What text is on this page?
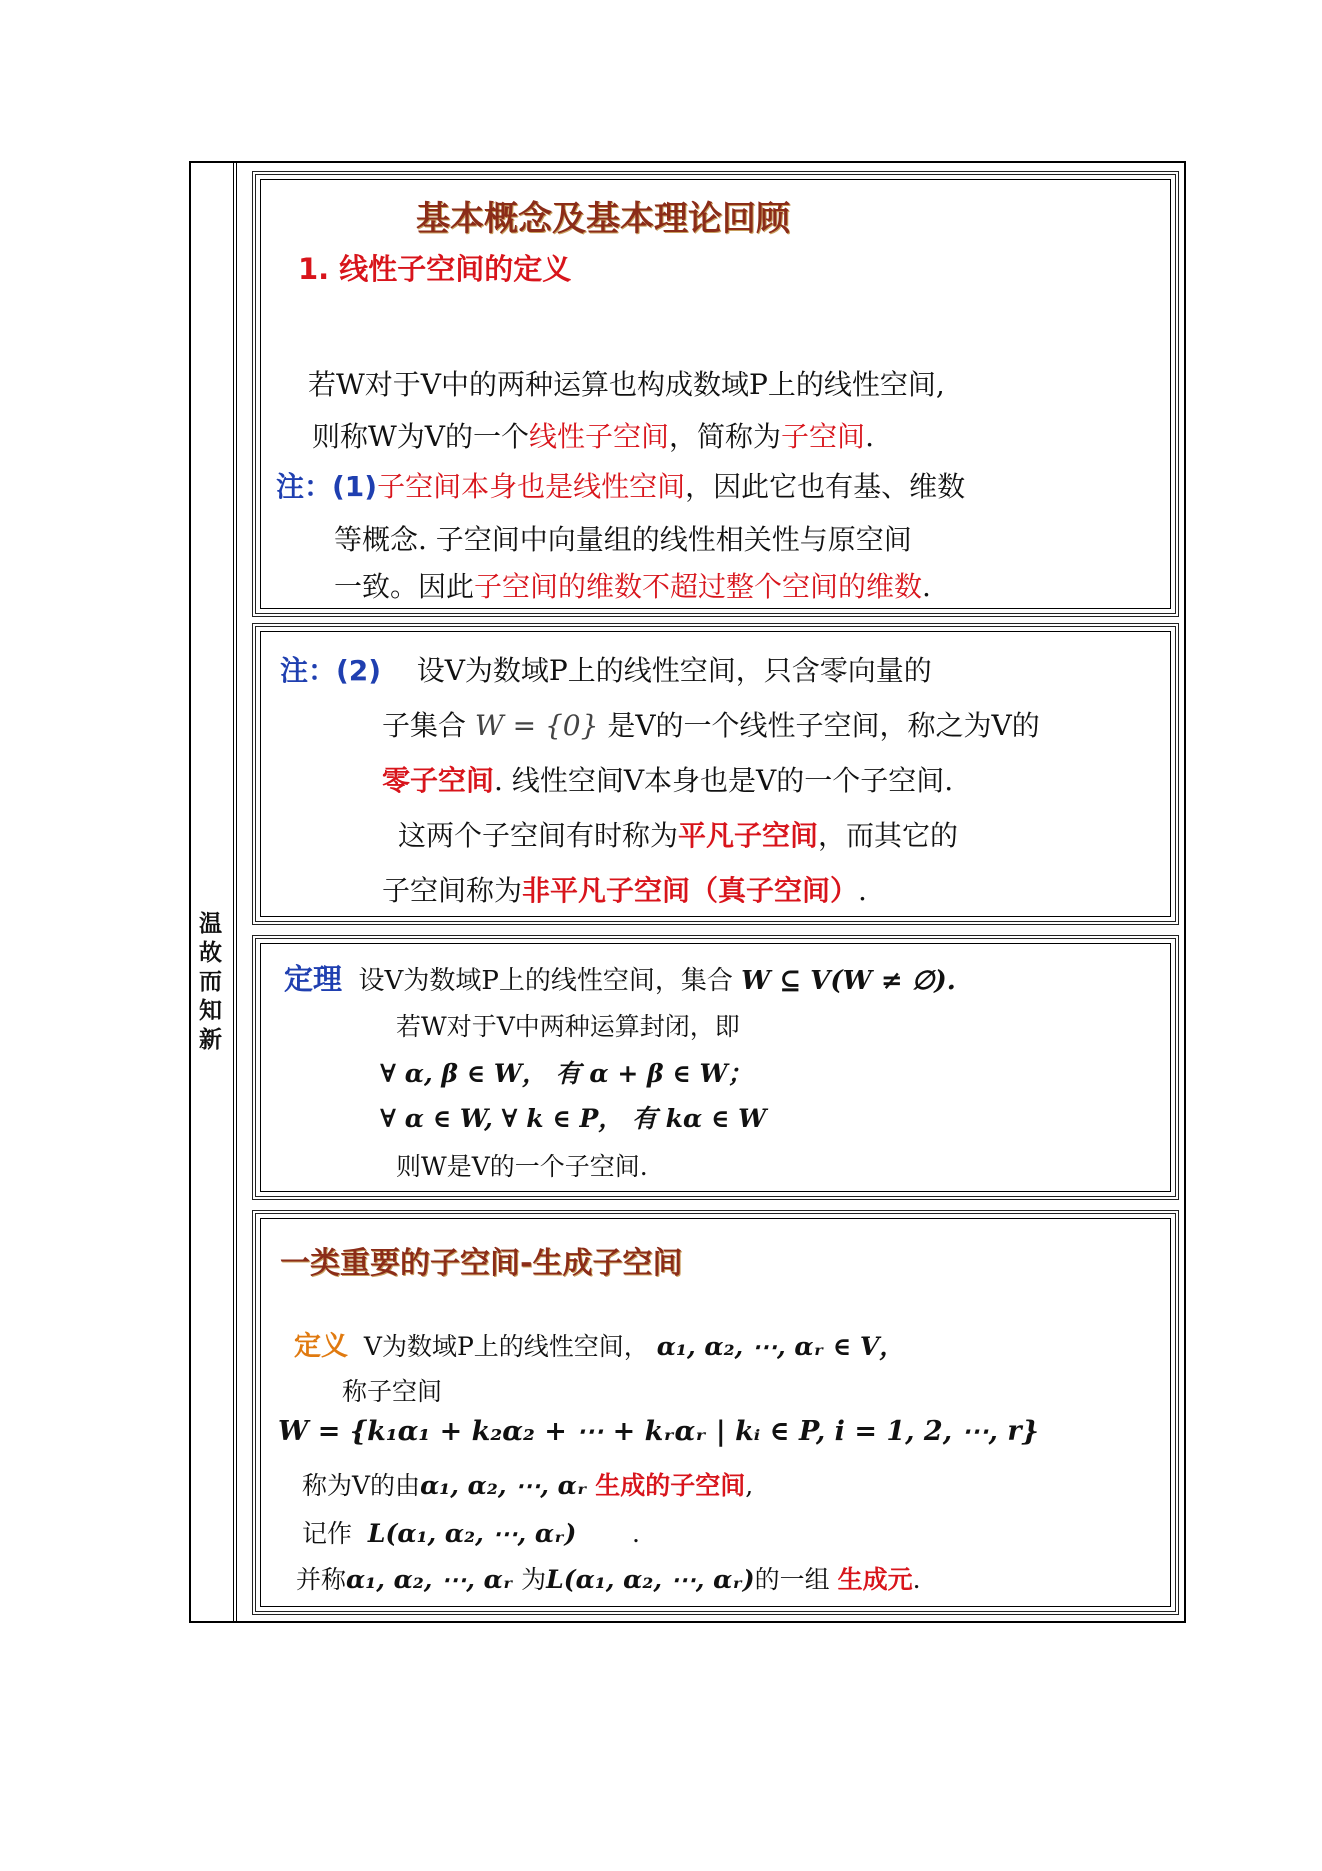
温故而知新
基本概念及基本理论回顾
1. 线性子空间的定义
若W对于V中的两种运算也构成数域P上的线性空间,
则称W为V的一个线性子空间，简称为子空间.
注：(1)子空间本身也是线性空间，因此它也有基、维数
等概念. 子空间中向量组的线性相关性与原空间
一致。因此子空间的维数不超过整个空间的维数.
注：(2) 设V为数域P上的线性空间，只含零向量的
子集合 W = {0} 是V的一个线性子空间，称之为V的
零子空间. 线性空间V本身也是V的一个子空间.
这两个子空间有时称为平凡子空间，而其它的
子空间称为非平凡子空间（真子空间）.
定理 设V为数域P上的线性空间，集合 W ⊆ V(W ≠ ∅).
若W对于V中两种运算封闭，即
∀ α, β ∈ W， 有 α + β ∈ W；
∀ α ∈ W, ∀ k ∈ P， 有 kα ∈ W
则W是V的一个子空间.
一类重要的子空间-生成子空间
定义 V为数域P上的线性空间， α₁, α₂, ⋯, αᵣ ∈ V，
称子空间
W = {k₁α₁ + k₂α₂ + ⋯ + kᵣαᵣ | kᵢ ∈ P, i = 1, 2, ⋯, r}
称为V的由α₁, α₂, ⋯, αᵣ 生成的子空间,
记作 L(α₁, α₂, ⋯, αᵣ) .
并称α₁, α₂, ⋯, αᵣ 为L(α₁, α₂, ⋯, αᵣ)的一组 生成元.
